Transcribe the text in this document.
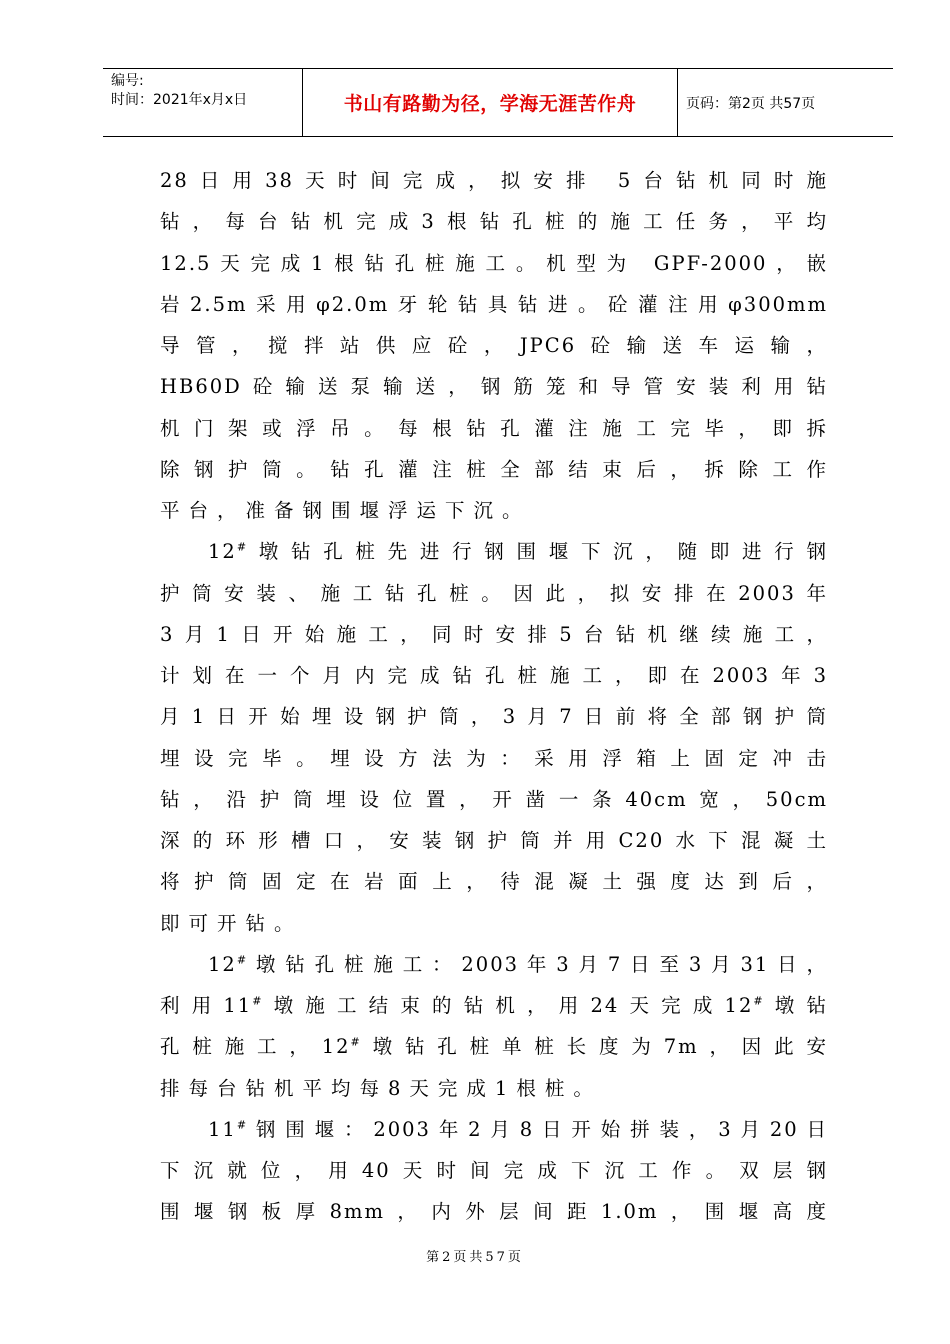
编号:
时间：2021年x月x日	书山有路勤为径，学海无涯苦作舟	页码：第2页 共57页
28日用38天时间完成，拟安排 5台钻机同时施
钻，每台钻机完成3根钻孔桩的施工任务，平均
12.5天完成1根钻孔桩施工。机型为 GPF-2000，嵌
岩2.5m采用φ2.0m牙轮钻具钻进。砼灌注用φ300mm
导管，搅拌站供应砼，JPC6砼输送车运输，
HB60D砼输送泵输送，钢筋笼和导管安装利用钻
机门架或浮吊。每根钻孔灌注施工完毕，即拆
除钢护筒。钻孔灌注桩全部结束后，拆除工作
平台，准备钢围堰浮运下沉。
12#墩钻孔桩先进行钢围堰下沉，随即进行钢
护筒安装、施工钻孔桩。因此，拟安排在2003年
3月1日开始施工，同时安排5台钻机继续施工，
计划在一个月内完成钻孔桩施工，即在2003年3
月1日开始埋设钢护筒，3月7日前将全部钢护筒
埋设完毕。埋设方法为：采用浮箱上固定冲击
钻，沿护筒埋设位置，开凿一条40cm宽，50cm
深的环形槽口，安装钢护筒并用C20水下混凝土
将护筒固定在岩面上，待混凝土强度达到后，
即可开钻。
12#墩钻孔桩施工：2003年3月7日至3月31日，
利用11#墩施工结束的钻机，用24天完成12#墩钻
孔桩施工，12#墩钻孔桩单桩长度为7m，因此安
排每台钻机平均每8天完成1根桩。
11#钢围堰：2003年2月8日开始拼装，3月20日
下沉就位，用40天时间完成下沉工作。双层钢
围堰钢板厚8mm，内外层间距1.0m，围堰高度
第2页共57页
